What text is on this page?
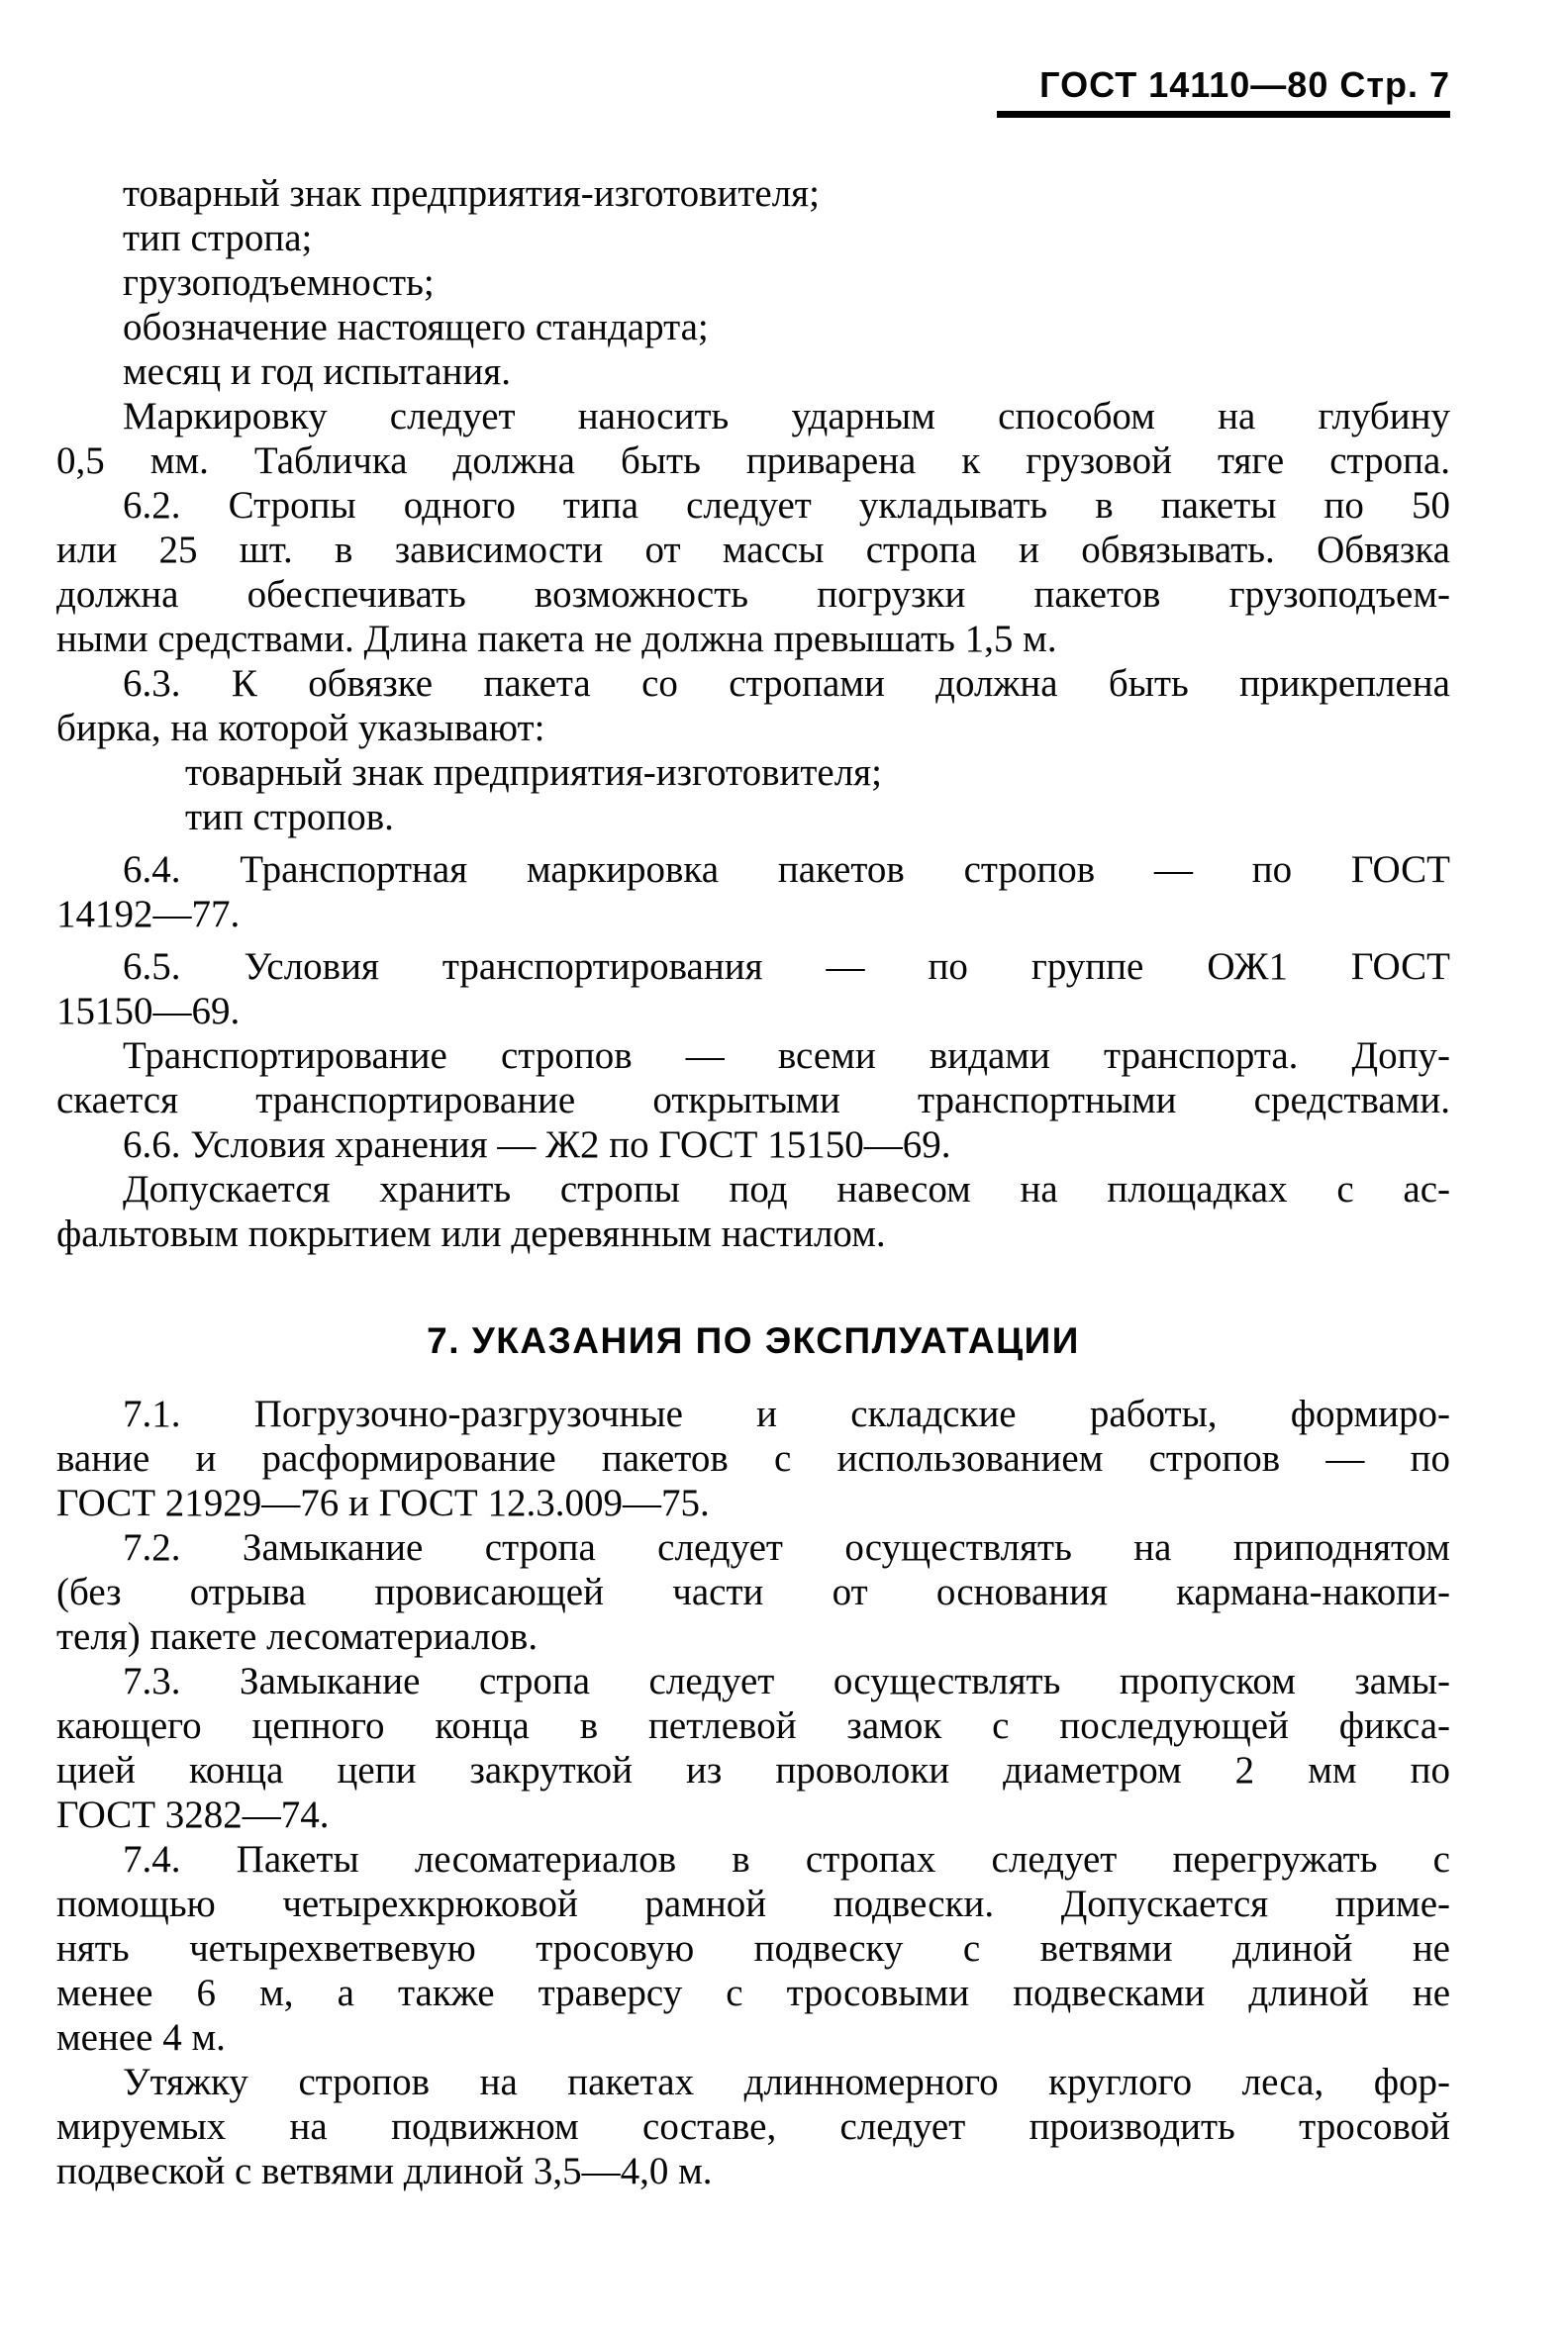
ГОСТ 14110—80 Стр. 7
товарный знак предприятия-изготовителя;
тип стропа;
грузоподъемность;
обозначение настоящего стандарта;
месяц и год испытания.
Маркировку следует наносить ударным способом на глубину
0,5 мм. Табличка должна быть приварена к грузовой тяге стропа.
6.2. Стропы одного типа следует укладывать в пакеты по 50
или 25 шт. в зависимости от массы стропа и обвязывать. Обвязка
должна обеспечивать возможность погрузки пакетов грузоподъем-
ными средствами. Длина пакета не должна превышать 1,5 м.
6.3. К обвязке пакета со стропами должна быть прикреплена
бирка, на которой указывают:
товарный знак предприятия-изготовителя;
тип стропов.
6.4. Транспортная маркировка пакетов стропов — по ГОСТ
14192—77.
6.5. Условия транспортирования — по группе ОЖ1 ГОСТ
15150—69.
Транспортирование стропов — всеми видами транспорта. Допу-
скается транспортирование открытыми транспортными средствами.
6.6. Условия хранения — Ж2 по ГОСТ 15150—69.
Допускается хранить стропы под навесом на площадках с ас-
фальтовым покрытием или деревянным настилом.
7. УКАЗАНИЯ ПО ЭКСПЛУАТАЦИИ
7.1. Погрузочно-разгрузочные и складские работы, формиро-
вание и расформирование пакетов с использованием стропов — по
ГОСТ 21929—76 и ГОСТ 12.3.009—75.
7.2. Замыкание стропа следует осуществлять на приподнятом
(без отрыва провисающей части от основания кармана-накопи-
теля) пакете лесоматериалов.
7.3. Замыкание стропа следует осуществлять пропуском замы-
кающего цепного конца в петлевой замок с последующей фикса-
цией конца цепи закруткой из проволоки диаметром 2 мм по
ГОСТ 3282—74.
7.4. Пакеты лесоматериалов в стропах следует перегружать с
помощью четырехкрюковой рамной подвески. Допускается приме-
нять четырехветвевую тросовую подвеску с ветвями длиной не
менее 6 м, а также траверсу с тросовыми подвесками длиной не
менее 4 м.
Утяжку стропов на пакетах длинномерного круглого леса, фор-
мируемых на подвижном составе, следует производить тросовой
подвеской с ветвями длиной 3,5—4,0 м.
